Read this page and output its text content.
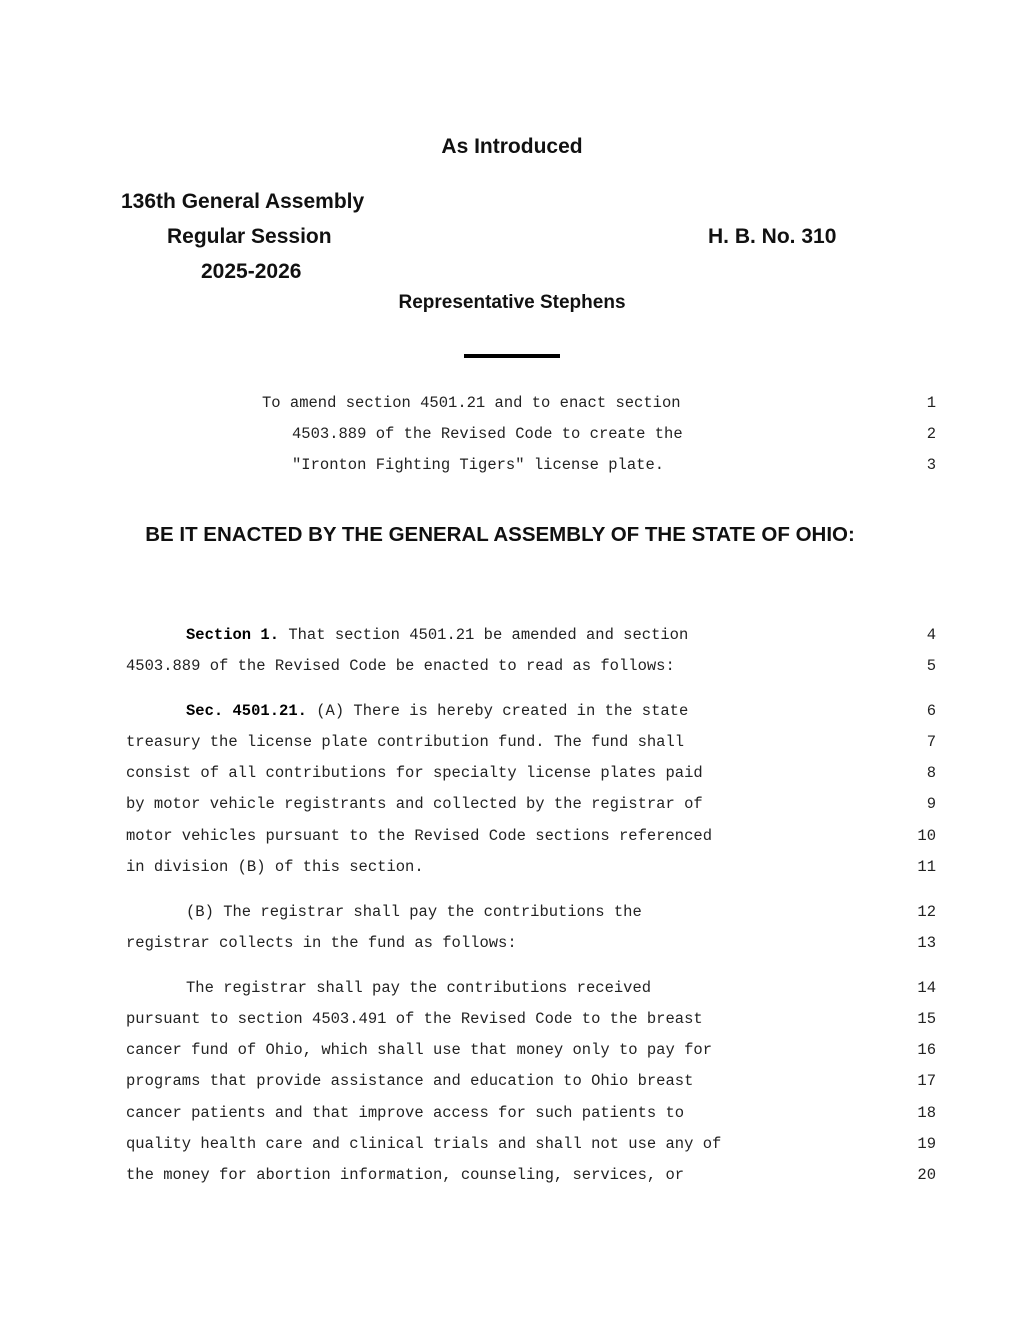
As Introduced
136th General Assembly
Regular Session
2025-2026
H. B. No. 310
Representative Stephens
To amend section 4501.21 and to enact section	1
4503.889 of the Revised Code to create the	2
"Ironton Fighting Tigers" license plate.	3
BE IT ENACTED BY THE GENERAL ASSEMBLY OF THE STATE OF OHIO:
Section 1. That section 4501.21 be amended and section	4
4503.889 of the Revised Code be enacted to read as follows:	5
Sec. 4501.21. (A) There is hereby created in the state	6
treasury the license plate contribution fund. The fund shall	7
consist of all contributions for specialty license plates paid	8
by motor vehicle registrants and collected by the registrar of	9
motor vehicles pursuant to the Revised Code sections referenced	10
in division (B) of this section.	11
(B) The registrar shall pay the contributions the	12
registrar collects in the fund as follows:	13
The registrar shall pay the contributions received	14
pursuant to section 4503.491 of the Revised Code to the breast	15
cancer fund of Ohio, which shall use that money only to pay for	16
programs that provide assistance and education to Ohio breast	17
cancer patients and that improve access for such patients to	18
quality health care and clinical trials and shall not use any of	19
the money for abortion information, counseling, services, or	20
